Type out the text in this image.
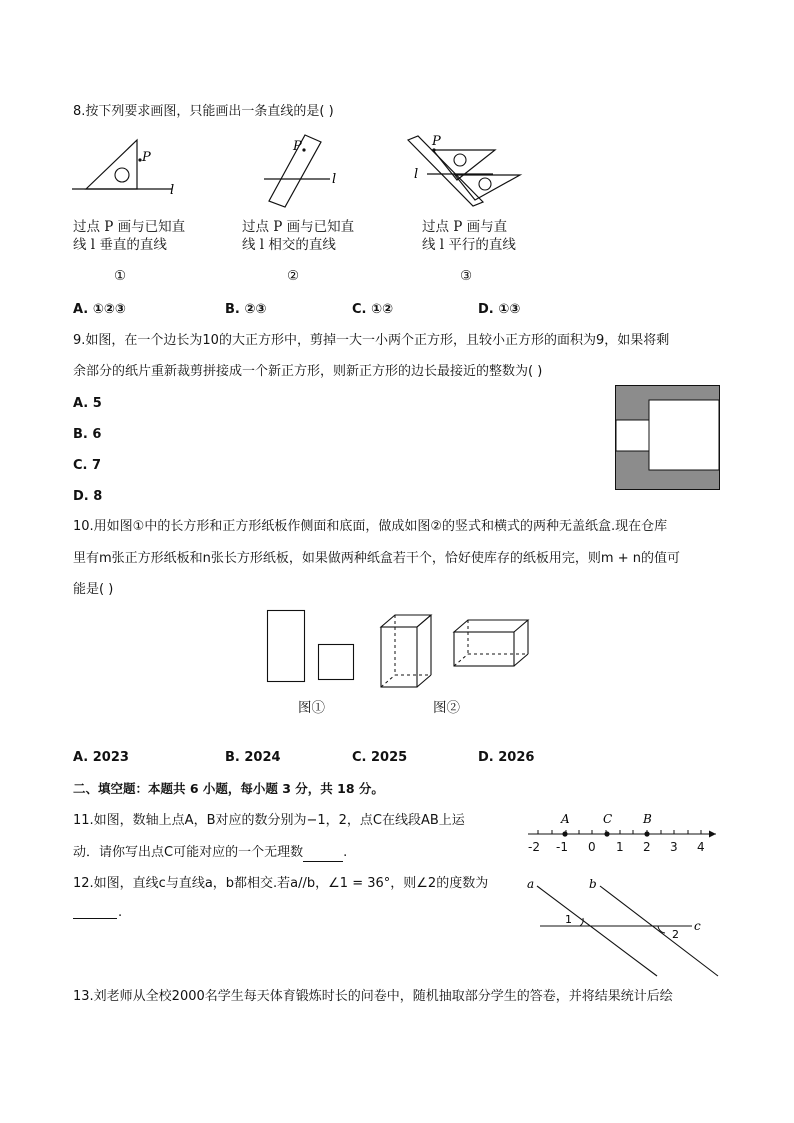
8.按下列要求画图，只能画出一条直线的是( )
P
l
过点 P 画与已知直
线 l 垂直的直线
①
P
l
过点 P 画与已知直
线 l 相交的直线
②
P
l
过点 P 画与直
线 l 平行的直线
③
A. ①②③	B. ②③	C. ①②	D. ①③
9.如图，在一个边长为10的大正方形中，剪掉一大一小两个正方形，且较小正方形的面积为9，如果将剩
余部分的纸片重新裁剪拼接成一个新正方形，则新正方形的边长最接近的整数为( )
A. 5
B. 6
C. 7
D. 8
10.用如图①中的长方形和正方形纸板作侧面和底面，做成如图②的竖式和横式的两种无盖纸盒.现在仓库
里有m张正方形纸板和n张长方形纸板，如果做两种纸盒若干个，恰好使库存的纸板用完，则m + n的值可
能是( )
图①	图②
A. 2023	B. 2024	C. 2025	D. 2026
二、填空题：本题共 6 小题，每小题 3 分，共 18 分。
11.如图，数轴上点A，B对应的数分别为−1，2，点C在线段AB上运
动．请你写出点C可能对应的一个无理数	.
A	C	B
-2 -1 0 1 2 3 4
12.如图，直线c与直线a，b都相交.若a//b，∠1 = 36°，则∠2的度数为
.
a	b
c
1
2
13.刘老师从全校2000名学生每天体育锻炼时长的问卷中，随机抽取部分学生的答卷，并将结果统计后绘
